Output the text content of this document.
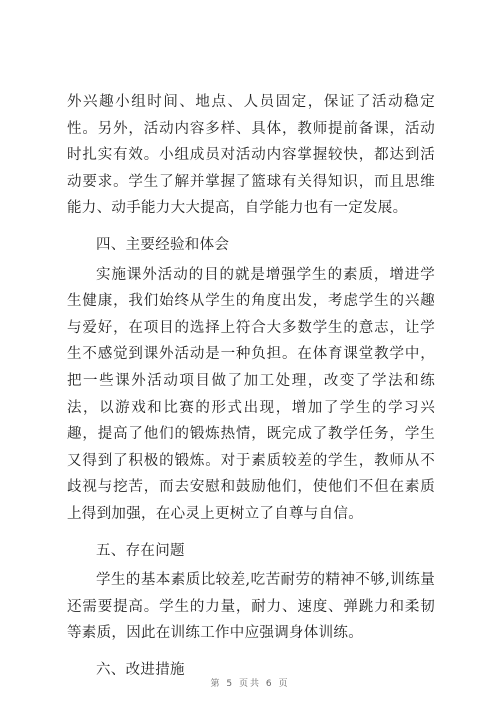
外兴趣小组时间、地点、人员固定，保证了活动稳定性。另外，活动内容多样、具体，教师提前备课，活动时扎实有效。小组成员对活动内容掌握较快，都达到活动要求。学生了解并掌握了篮球有关得知识，而且思维能力、动手能力大大提高，自学能力也有一定发展。

四、主要经验和体会

实施课外活动的目的就是增强学生的素质，增进学生健康，我们始终从学生的角度出发，考虑学生的兴趣与爱好，在项目的选择上符合大多数学生的意志，让学生不感觉到课外活动是一种负担。在体育课堂教学中，把一些课外活动项目做了加工处理，改变了学法和练法，以游戏和比赛的形式出现，增加了学生的学习兴趣，提高了他们的锻炼热情，既完成了教学任务，学生又得到了积极的锻炼。对于素质较差的学生，教师从不歧视与挖苦，而去安慰和鼓励他们，使他们不但在素质上得到加强，在心灵上更树立了自尊与自信。

五、存在问题

学生的基本素质比较差,吃苦耐劳的精神不够,训练量还需要提高。学生的力量，耐力、速度、弹跳力和柔韧等素质，因此在训练工作中应强调身体训练。

六、改进措施

第 5 页共 6 页
